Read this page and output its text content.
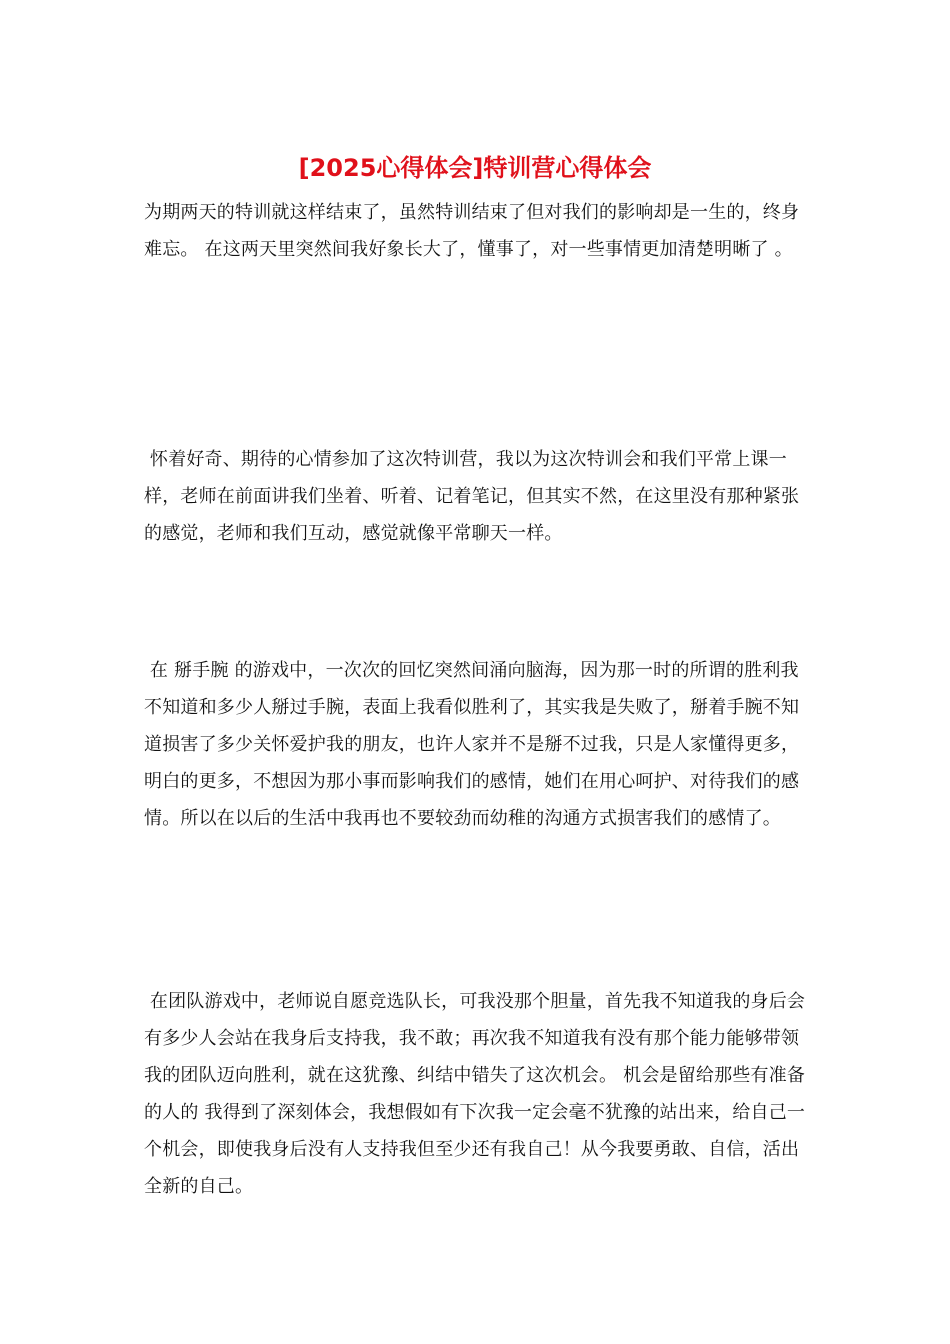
[2025心得体会]特训营心得体会

为期两天的特训就这样结束了，虽然特训结束了但对我们的影响却是一生的，终身难忘。 在这两天里突然间我好象长大了，懂事了，对一些事情更加清楚明晰了 。

怀着好奇、期待的心情参加了这次特训营，我以为这次特训会和我们平常上课一样，老师在前面讲我们坐着、听着、记着笔记，但其实不然，在这里没有那种紧张的感觉，老师和我们互动，感觉就像平常聊天一样。

在 掰手腕 的游戏中，一次次的回忆突然间涌向脑海，因为那一时的所谓的胜利我不知道和多少人掰过手腕，表面上我看似胜利了，其实我是失败了，掰着手腕不知道损害了多少关怀爱护我的朋友，也许人家并不是掰不过我，只是人家懂得更多，明白的更多，不想因为那小事而影响我们的感情，她们在用心呵护、对待我们的感情。所以在以后的生活中我再也不要较劲而幼稚的沟通方式损害我们的感情了。

在团队游戏中，老师说自愿竞选队长，可我没那个胆量，首先我不知道我的身后会有多少人会站在我身后支持我，我不敢；再次我不知道我有没有那个能力能够带领我的团队迈向胜利，就在这犹豫、纠结中错失了这次机会。 机会是留给那些有准备的人的 我得到了深刻体会，我想假如有下次我一定会毫不犹豫的站出来，给自己一个机会，即使我身后没有人支持我但至少还有我自己！从今我要勇敢、自信，活出全新的自己。
